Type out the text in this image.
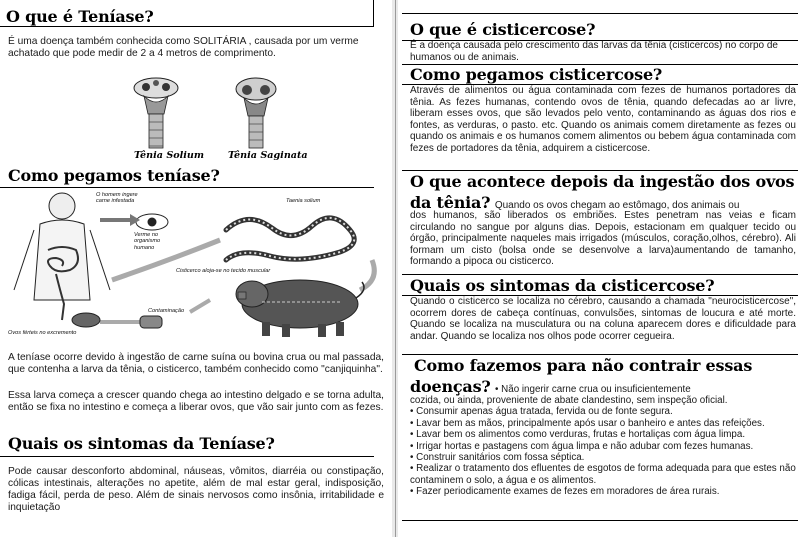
O que é Teníase?
É uma doença também conhecida como SOLITÁRIA , causada por um verme achatado que pode medir de 2 a 4 metros de comprimento.
Tênia Solium Tênia Saginata
Como pegamos teníase?
O homem ingere carne infestada
Verme no organismo humano
Taenia solium
Cisticerco aloja-se no tecido muscular
Contaminação
Ovos férteis no excremento
A teníase ocorre devido à ingestão de carne suína ou bovina crua ou mal passada, que contenha a larva da tênia, o cisticerco, também conhecido como "canjiquinha".
Essa larva começa a crescer quando chega ao intestino delgado e se torna adulta, então se fixa no intestino e começa a liberar ovos, que vão sair junto com as fezes.
Quais os sintomas da Teníase?
Pode causar desconforto abdominal, náuseas, vômitos, diarréia ou constipação, cólicas intestinais, alterações no apetite, além de mal estar geral, indisposição, fadiga fácil, perda de peso. Além de sinais nervosos como insônia, irritabilidade e inquietação
O que é cisticercose?
É a doença causada pelo crescimento das larvas da tênia (cisticercos) no corpo de humanos ou de animais.
Como pegamos cisticercose?
Através de alimentos ou água contaminada com fezes de humanos portadores da tênia. As fezes humanas, contendo ovos de tênia, quando defecadas ao ar livre, liberam esses ovos, que são levados pelo vento, contaminando as águas dos rios e fontes, as verduras, o pasto. etc. Quando os animais comem diretamente as fezes ou quando os animais e os humanos comem alimentos ou bebem água contaminada com fezes de portadores da tênia, adquirem a cisticercose.
O que acontece depois da ingestão dos ovos
da tênia? Quando os ovos chegam ao estômago, dos animais ou
dos humanos, são liberados os embriões. Estes penetram nas veias e ficam circulando no sangue por alguns dias. Depois, estacionam em qualquer tecido ou órgão, principalmente naqueles mais irrigados (músculos, coração,olhos, cérebro). Ali formam um cisto (bolsa onde se desenvolve a larva)aumentando de tamanho, formando a pipoca ou cisticerco.
Quais os sintomas da cisticercose?
Quando o cisticerco se localiza no cérebro, causando a chamada "neurocisticercose", ocorrem dores de cabeça contínuas, convulsões, sintomas de loucura e até morte. Quando se localiza na musculatura ou na coluna aparecem dores e dificuldade para andar. Quando se localiza nos olhos pode ocorrer cegueira.
Como fazemos para não contrair essas
doenças? • Não ingerir carne crua ou insuficientemente
cozida, ou ainda, proveniente de abate clandestino, sem inspeção oficial.
• Consumir apenas água tratada, fervida ou de fonte segura.
• Lavar bem as mãos, principalmente após usar o banheiro e antes das refeições.
• Lavar bem os alimentos como verduras, frutas e hortaliças com água limpa.
• Irrigar hortas e pastagens com água limpa e não adubar com fezes humanas.
• Construir sanitários com fossa séptica.
• Realizar o tratamento dos efluentes de esgotos de forma adequada para que estes não contaminem o solo, a água e os alimentos.
• Fazer periodicamente exames de fezes em moradores de área rurais.
